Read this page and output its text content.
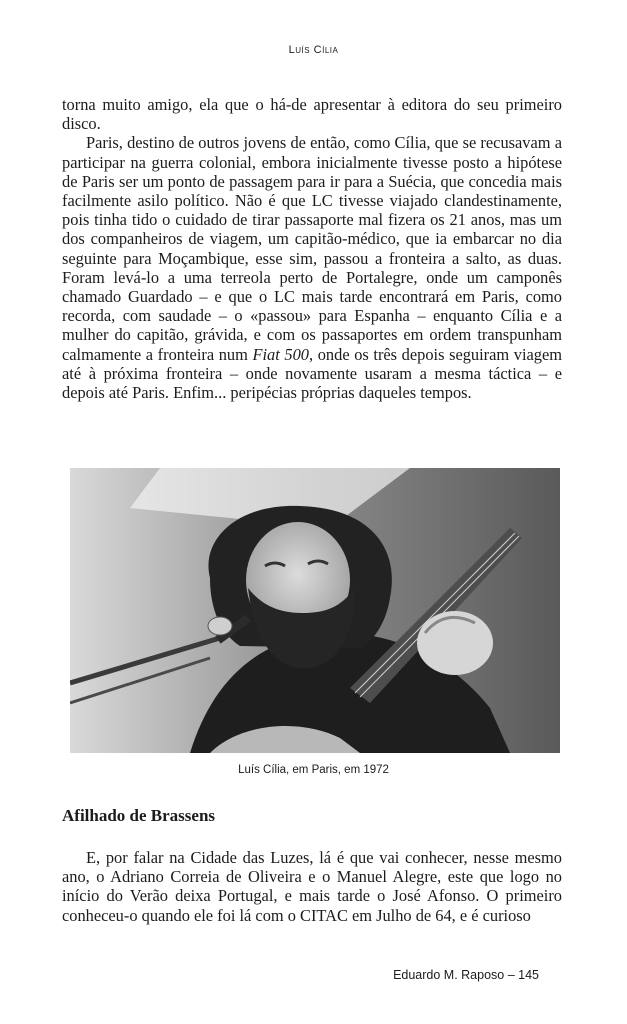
Luís Cília

torna muito amigo, ela que o há-de apresentar à editora do seu primeiro disco.

Paris, destino de outros jovens de então, como Cília, que se recusavam a participar na guerra colonial, embora inicialmente tivesse posto a hipótese de Paris ser um ponto de passagem para ir para a Suécia, que concedia mais facilmente asilo político. Não é que LC tivesse viajado clandestinamente, pois tinha tido o cuidado de tirar passaporte mal fizera os 21 anos, mas um dos companheiros de viagem, um capitão-médico, que ia embarcar no dia seguinte para Moçambique, esse sim, passou a fronteira a salto, as duas. Foram levá-lo a uma terreola perto de Portalegre, onde um camponês chamado Guardado – e que o LC mais tarde encontrará em Paris, como recorda, com saudade – o «passou» para Espanha – enquanto Cília e a mulher do capitão, grávida, e com os passaportes em ordem transpunham calmamente a fronteira num Fiat 500, onde os três depois seguiram viagem até à próxima fronteira – onde novamente usaram a mesma táctica – e depois até Paris. Enfim... peripécias próprias daqueles tempos.

Luís Cília, em Paris, em 1972
Afilhado de Brassens

E, por falar na Cidade das Luzes, lá é que vai conhecer, nesse mesmo ano, o Adriano Correia de Oliveira e o Manuel Alegre, este que logo no início do Verão deixa Portugal, e mais tarde o José Afonso. O primeiro conheceu-o quando ele foi lá com o CITAC em Julho de 64, e é curioso

Eduardo M. Raposo – 145
